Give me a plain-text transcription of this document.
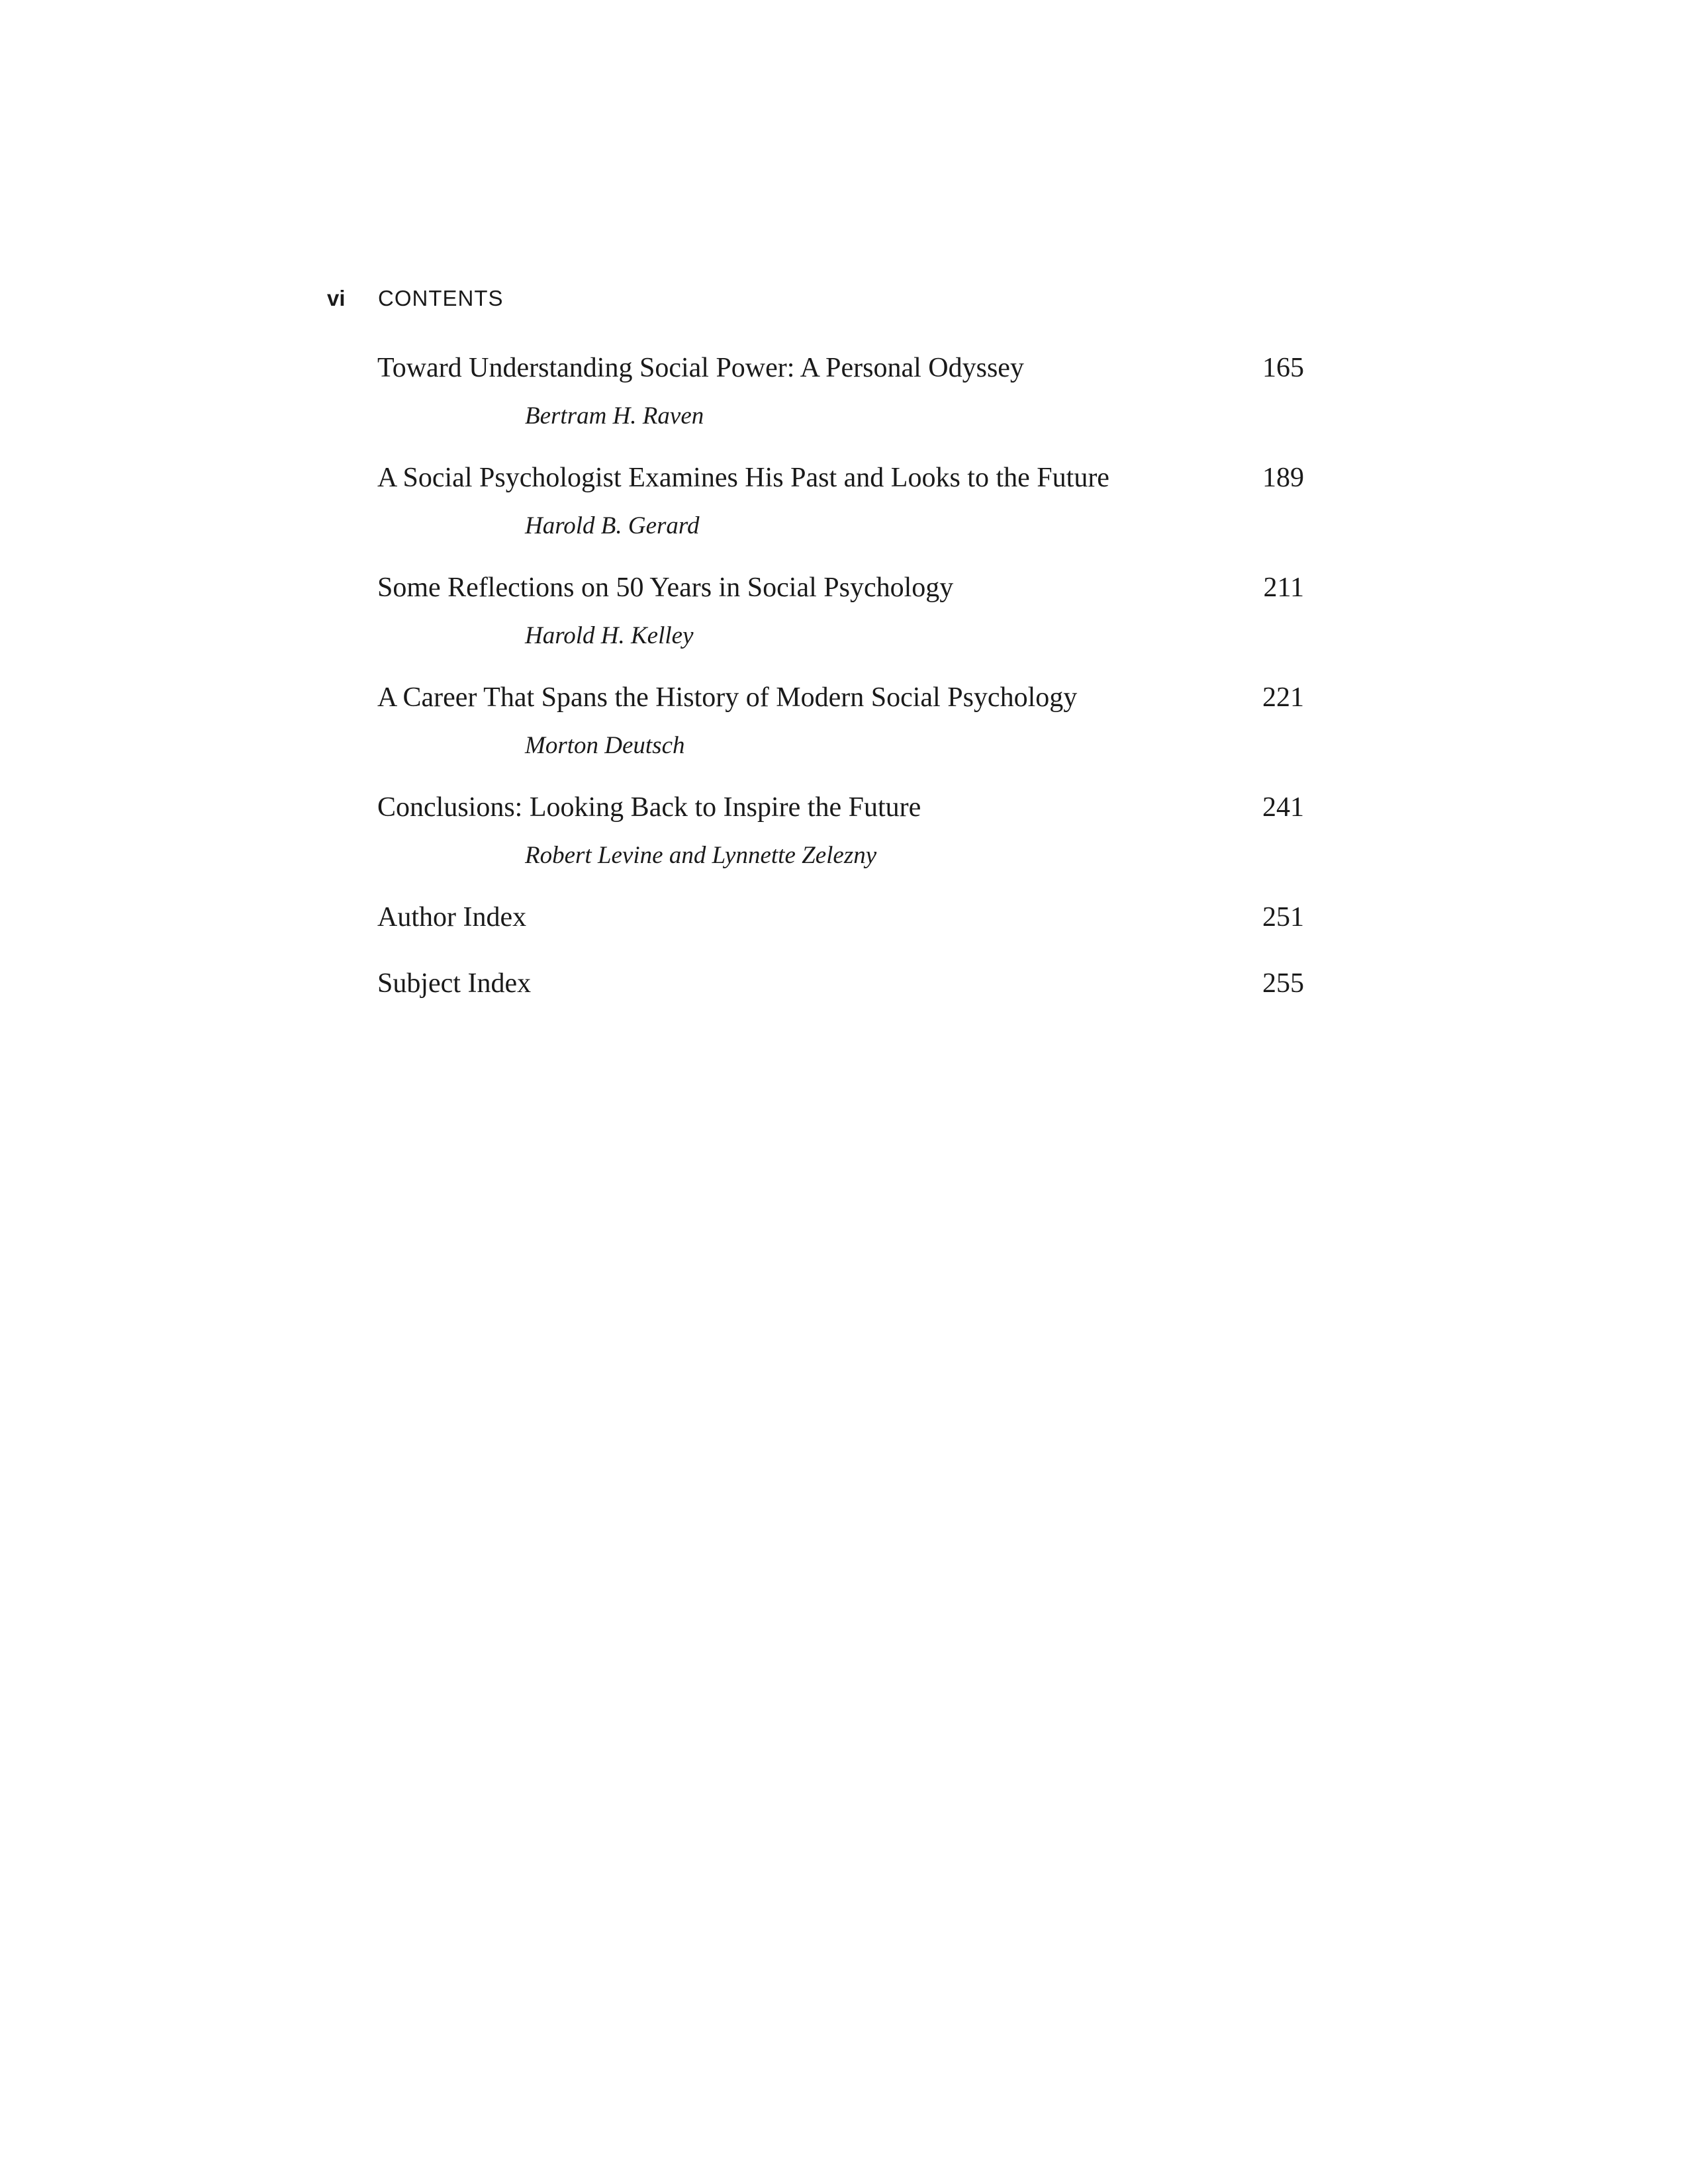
vi	CONTENTS
Toward Understanding Social Power: A Personal Odyssey	165
Bertram H. Raven
A Social Psychologist Examines His Past and Looks to the Future	189
Harold B. Gerard
Some Reflections on 50 Years in Social Psychology	211
Harold H. Kelley
A Career That Spans the History of Modern Social Psychology	221
Morton Deutsch
Conclusions: Looking Back to Inspire the Future	241
Robert Levine and Lynnette Zelezny
Author Index	251
Subject Index	255
